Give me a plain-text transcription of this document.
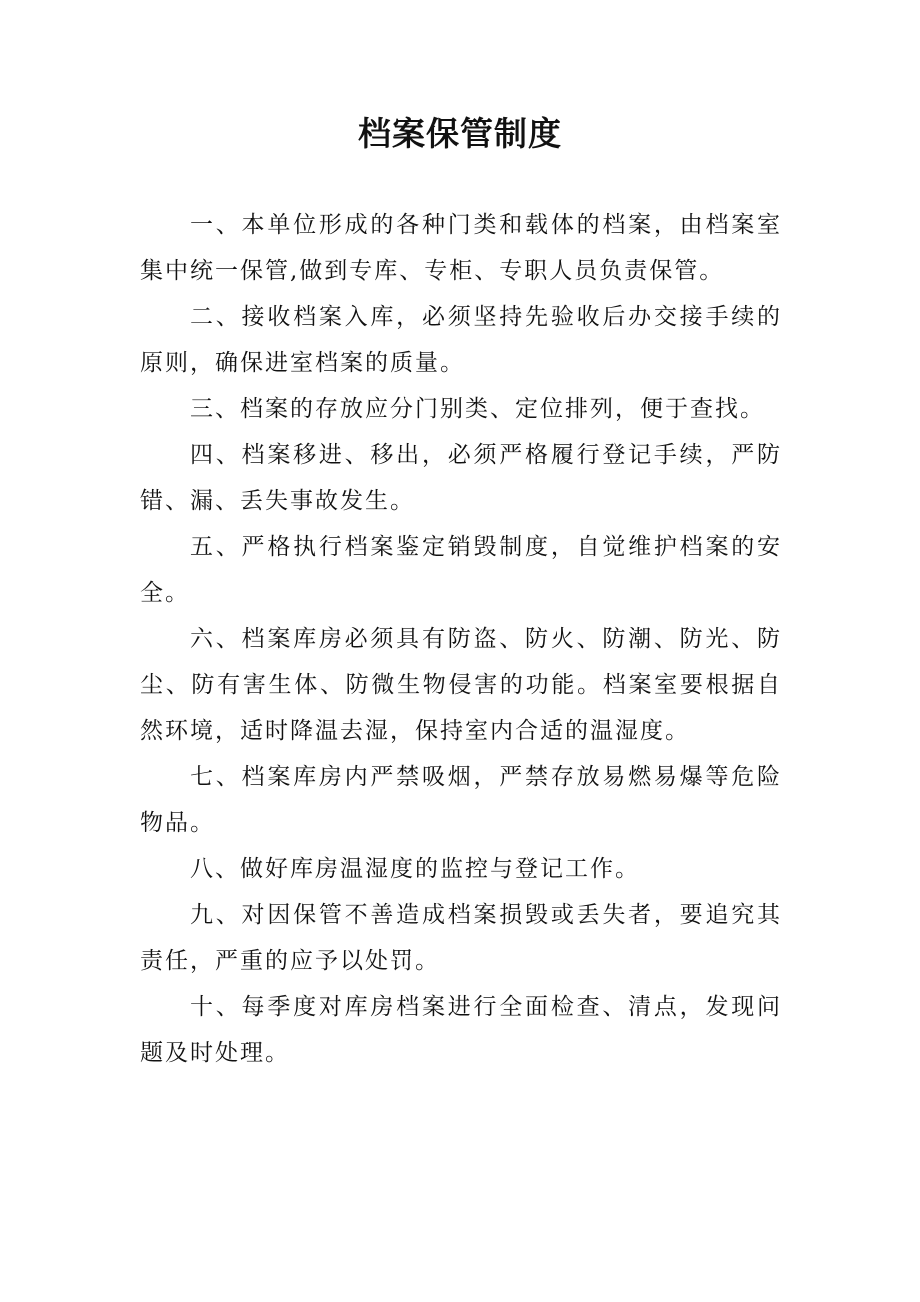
档案保管制度

一、本单位形成的各种门类和载体的档案，由档案室集中统一保管,做到专库、专柜、专职人员负责保管。

二、接收档案入库，必须坚持先验收后办交接手续的原则，确保进室档案的质量。

三、档案的存放应分门别类、定位排列，便于查找。

四、档案移进、移出，必须严格履行登记手续，严防错、漏、丢失事故发生。

五、严格执行档案鉴定销毁制度，自觉维护档案的安全。

六、档案库房必须具有防盗、防火、防潮、防光、防尘、防有害生体、防微生物侵害的功能。档案室要根据自然环境，适时降温去湿，保持室内合适的温湿度。

七、档案库房内严禁吸烟，严禁存放易燃易爆等危险物品。

八、做好库房温湿度的监控与登记工作。

九、对因保管不善造成档案损毁或丢失者，要追究其责任，严重的应予以处罚。

十、每季度对库房档案进行全面检查、清点，发现问题及时处理。
